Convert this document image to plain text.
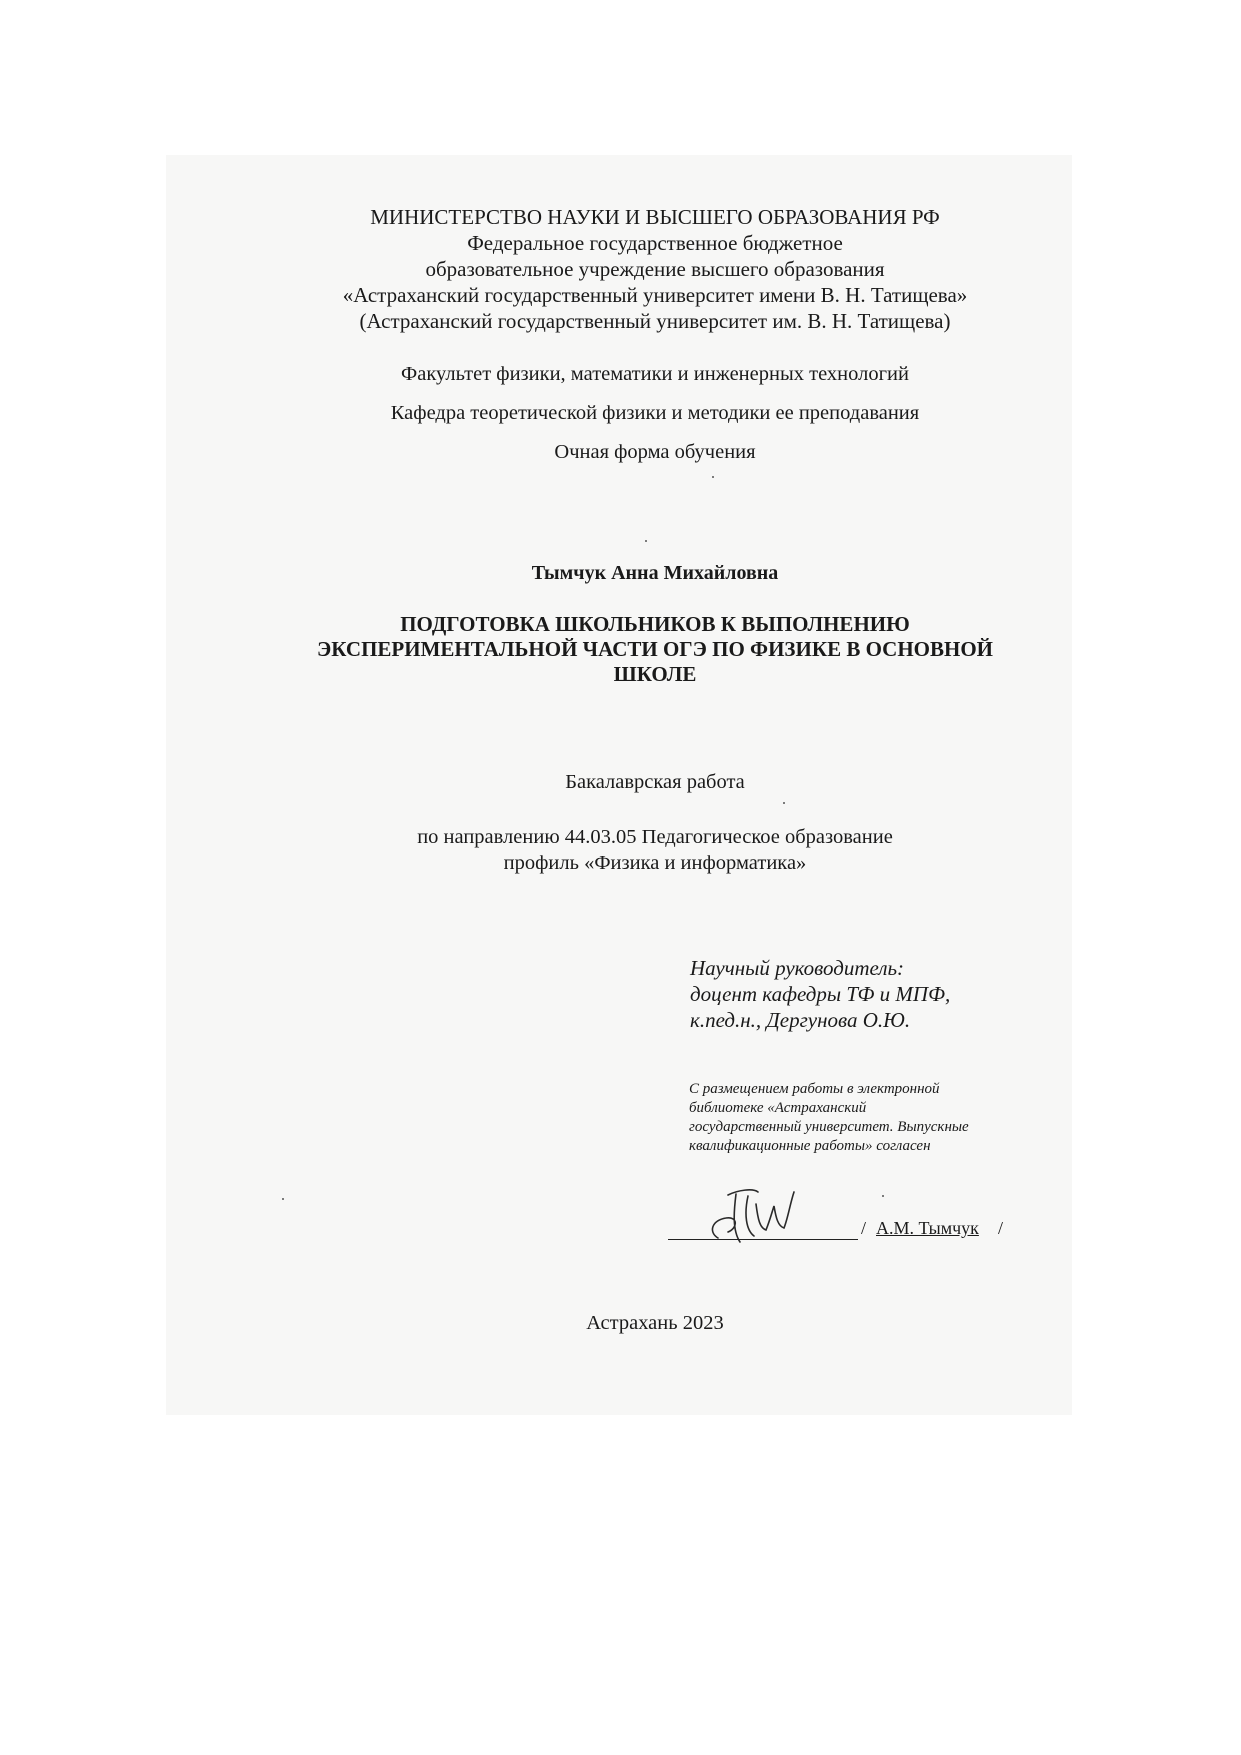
МИНИСТЕРСТВО НАУКИ И ВЫСШЕГО ОБРАЗОВАНИЯ РФ
Федеральное государственное бюджетное
образовательное учреждение высшего образования
«Астраханский государственный университет имени В. Н. Татищева»
(Астраханский государственный университет им. В. Н. Татищева)
Факультет физики, математики и инженерных технологий
Кафедра теоретической физики и методики ее преподавания
Очная форма обучения
Тымчук Анна Михайловна
ПОДГОТОВКА ШКОЛЬНИКОВ К ВЫПОЛНЕНИЮ
ЭКСПЕРИМЕНТАЛЬНОЙ ЧАСТИ ОГЭ ПО ФИЗИКЕ В ОСНОВНОЙ
ШКОЛЕ
Бакалаврская работа
по направлению 44.03.05 Педагогическое образование
профиль «Физика и информатика»
Научный руководитель:
доцент кафедры ТФ и МПФ,
к.пед.н., Дергунова О.Ю.
С размещением работы в электронной
библиотеке «Астраханский
государственный университет. Выпускные
квалификационные работы» согласен
/ А.М. Тымчук /
Астрахань 2023
